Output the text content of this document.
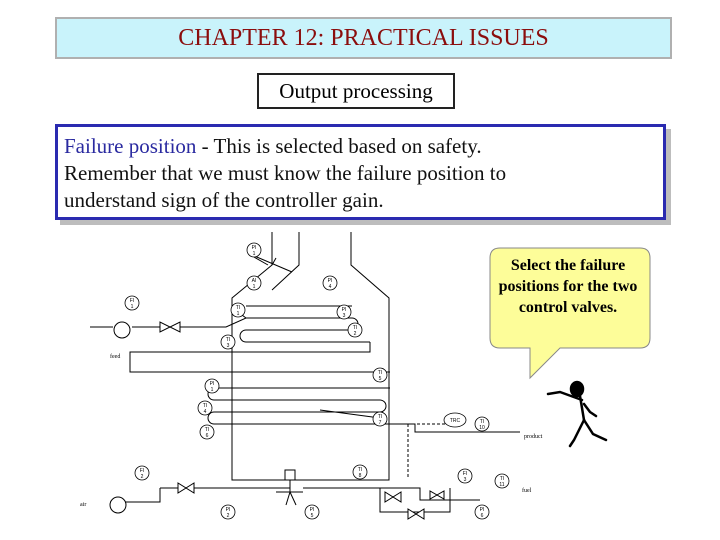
CHAPTER 12: PRACTICAL ISSUES
Output processing
Failure position - This is selected based on safety.
Remember that we must know the failure position to
understand sign of the controller gain.
PI
1
AI
1
PI
4
FI
1	TI
1
PI
3
TI
2
TI
3
TI
5
PI
1
TI
4
TI
7
TI
6
TRC	TI
10
FI
2
TI
8	FI
3	TI
11
PI
2
PI
5
PI
6
feed
product
fuel
air
Select the failure positions for the two control valves.
